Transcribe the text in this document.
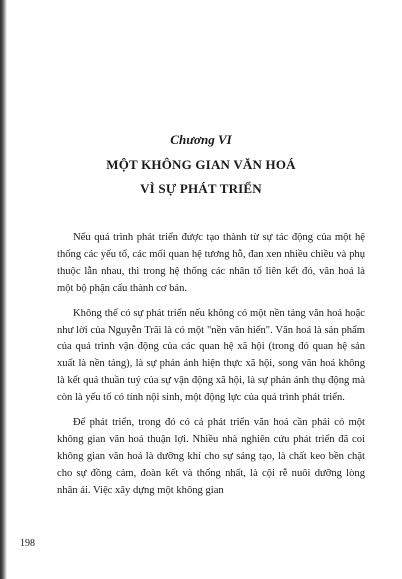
Chương VI
MỘT KHÔNG GIAN VĂN HOÁ
VÌ SỰ PHÁT TRIỂN

Nếu quá trình phát triển được tạo thành từ sự tác động của một hệ thống các yếu tố, các mối quan hệ tương hỗ, đan xen nhiều chiều và phụ thuộc lẫn nhau, thì trong hệ thống các nhân tố liên kết đó, văn hoá là một bộ phận cấu thành cơ bản.

Không thể có sự phát triển nếu không có một nền tảng văn hoá hoặc như lời của Nguyễn Trãi là có một "nền văn hiến". Văn hoá là sản phẩm của quá trình vận động của các quan hệ xã hội (trong đó quan hệ sản xuất là nền tảng), là sự phản ánh hiện thực xã hội, song văn hoá không là kết quả thuần tuý của sự vận động xã hội, là sự phản ánh thụ động mà còn là yếu tố có tính nội sinh, một động lực của quá trình phát triển.

Để phát triển, trong đó có cả phát triển văn hoá cần phải có một không gian văn hoá thuận lợi. Nhiều nhà nghiên cứu phát triển đã coi không gian văn hoá là dưỡng khí cho sự sáng tạo, là chất keo bền chặt cho sự đồng cảm, đoàn kết và thống nhất, là cội rễ nuôi dưỡng lòng nhân ái. Việc xây dựng một không gian

198
